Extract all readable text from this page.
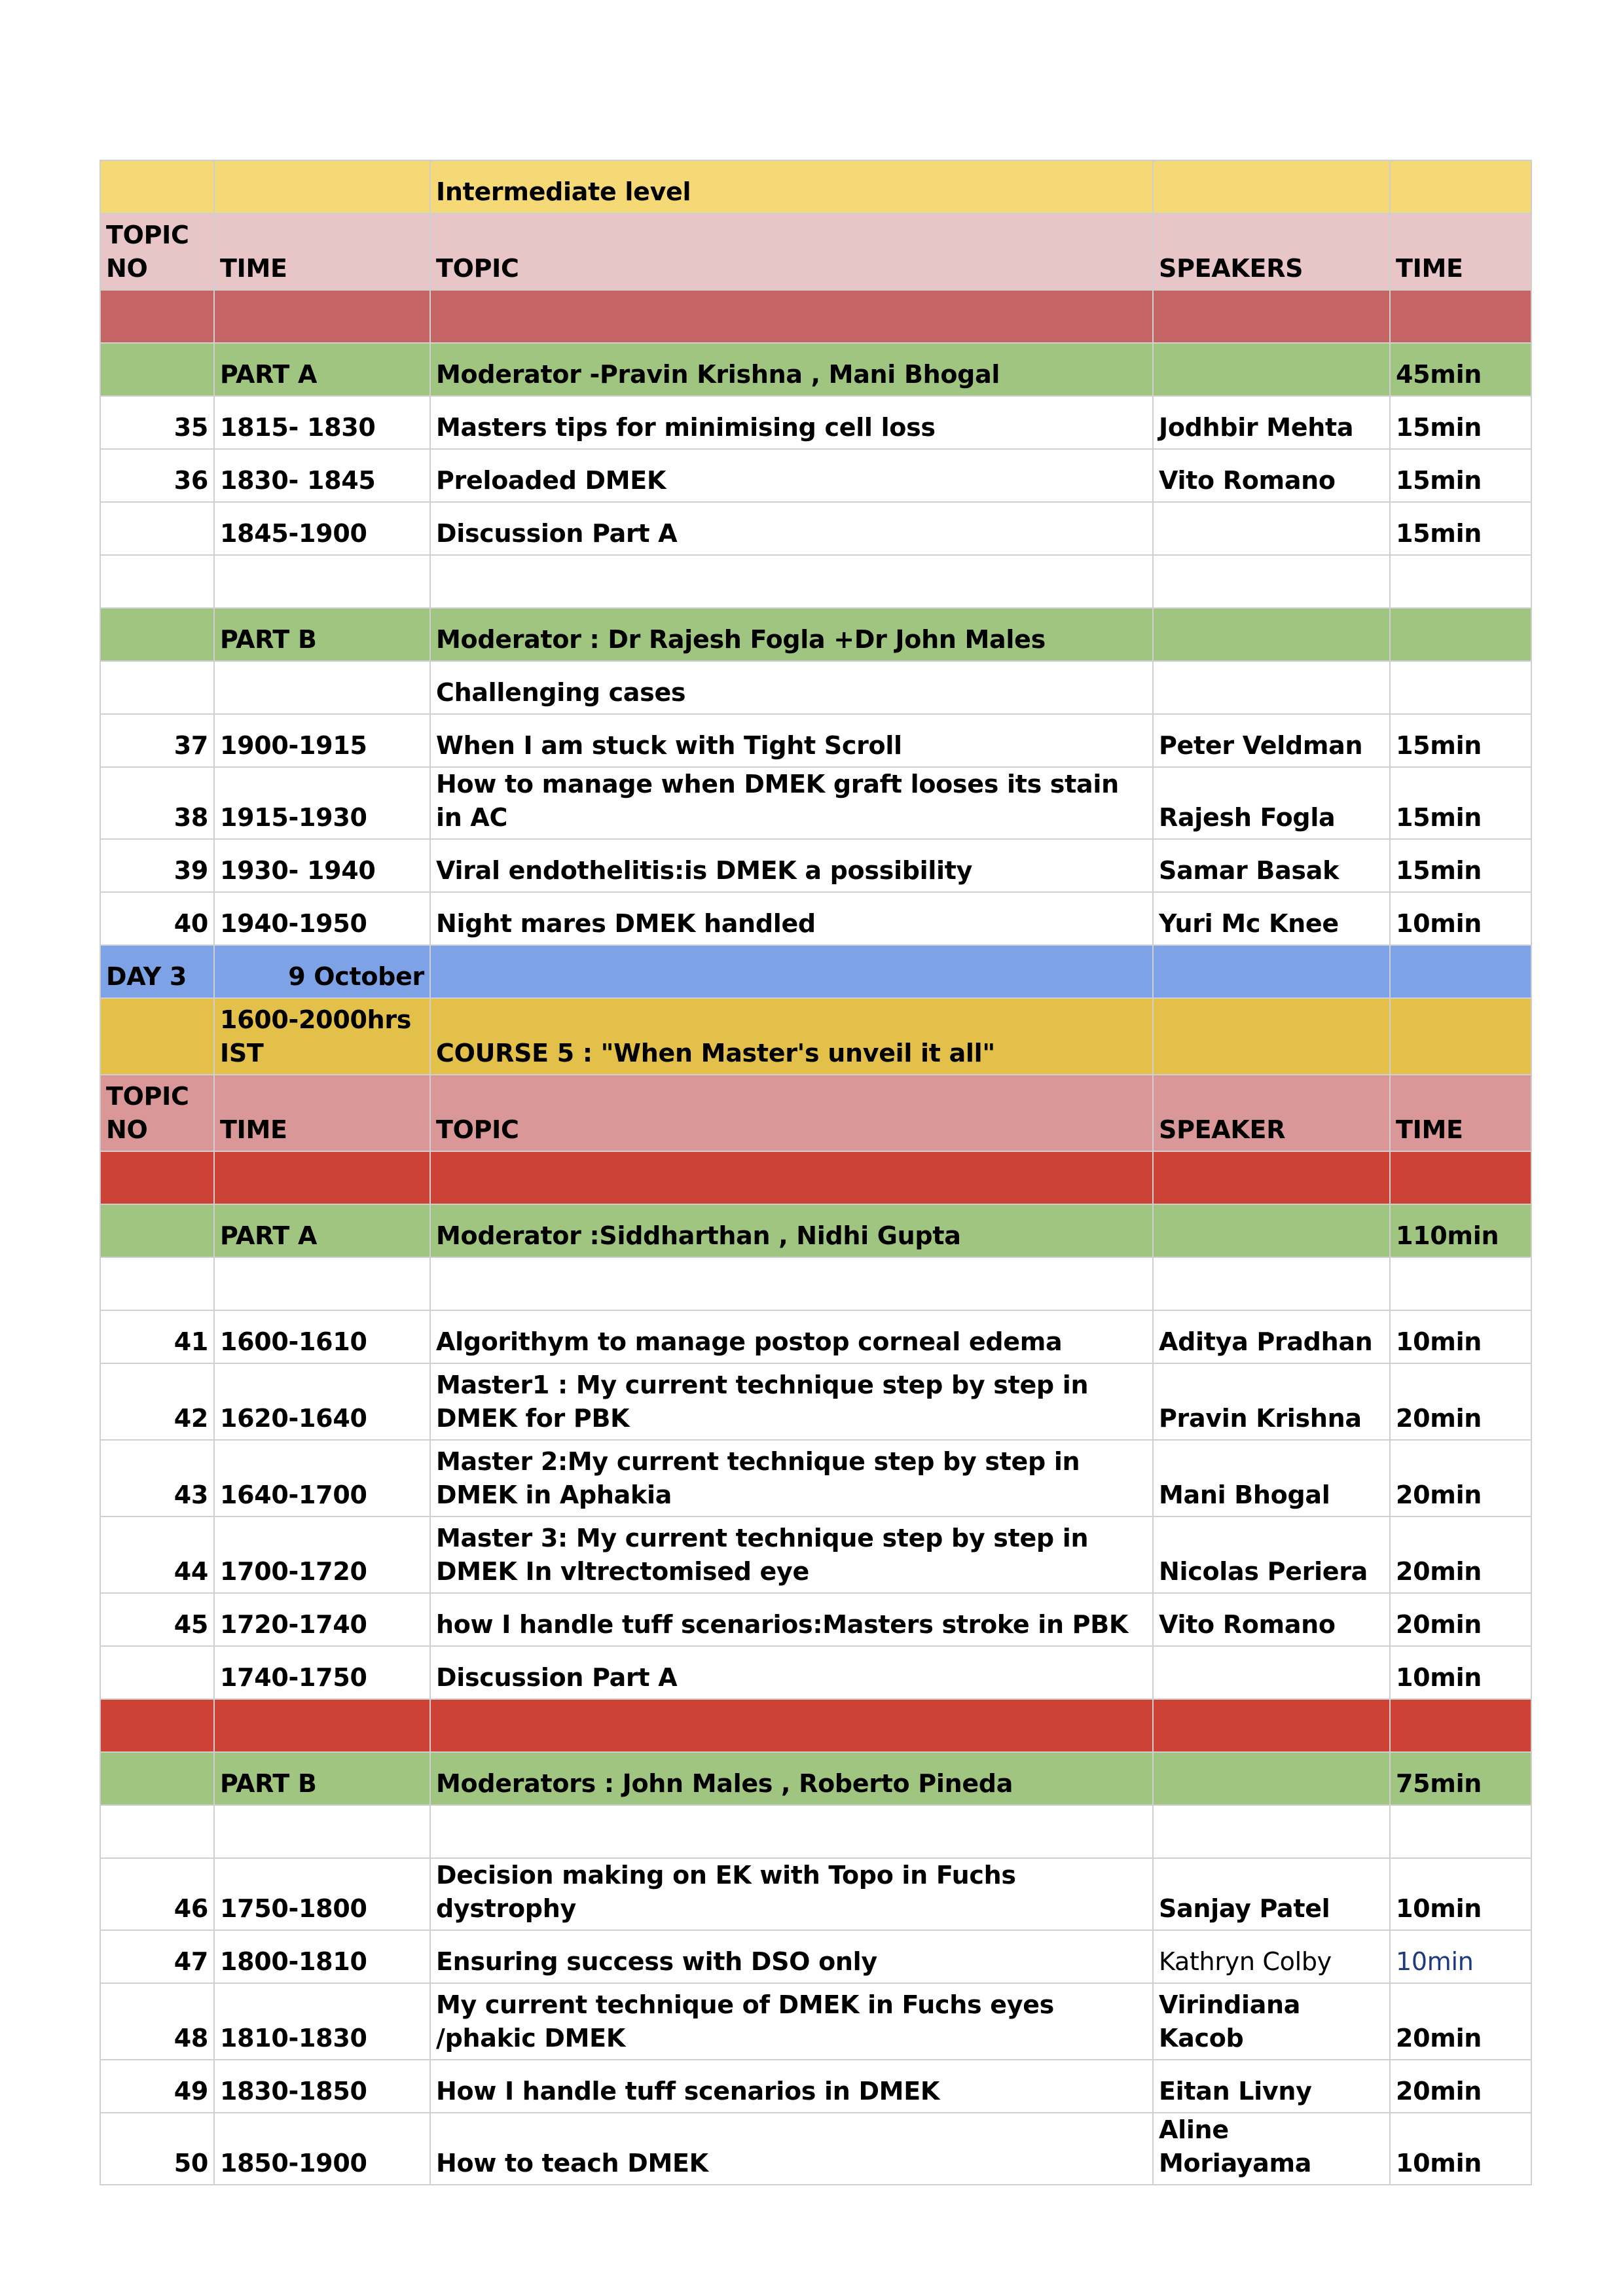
		Intermediate level		
TOPIC NO	TIME	TOPIC	SPEAKERS	TIME

	PART A	Moderator -Pravin Krishna , Mani Bhogal		45min
35	1815- 1830	Masters tips for minimising cell loss	Jodhbir Mehta	15min
36	1830- 1845	Preloaded DMEK	Vito Romano	15min
	1845-1900	Discussion Part A		15min

	PART B	Moderator : Dr Rajesh Fogla +Dr John Males		
		Challenging cases		
37	1900-1915	When I am stuck with Tight Scroll	Peter Veldman	15min
38	1915-1930	How to manage when DMEK graft looses its stain in AC	Rajesh Fogla	15min
39	1930- 1940	Viral endothelitis:is DMEK a possibility	Samar Basak	15min
40	1940-1950	Night mares DMEK handled	Yuri Mc Knee	10min
DAY 3	9 October			
	1600-2000hrs IST	COURSE 5 : "When Master's unveil it all"		
TOPIC NO	TIME	TOPIC	SPEAKER	TIME

	PART A	Moderator :Siddharthan , Nidhi Gupta		110min

41	1600-1610	Algorithym to manage postop corneal edema	Aditya Pradhan	10min
42	1620-1640	Master1 : My current technique step by step in DMEK for PBK	Pravin Krishna	20min
43	1640-1700	Master 2:My current technique step by step in DMEK in Aphakia	Mani Bhogal	20min
44	1700-1720	Master 3: My current technique step by step in DMEK In vltrectomised eye	Nicolas Periera	20min
45	1720-1740	how I handle tuff scenarios:Masters stroke in PBK	Vito Romano	20min
	1740-1750	Discussion Part A		10min

	PART B	Moderators : John Males , Roberto Pineda		75min

46	1750-1800	Decision making on EK with Topo in Fuchs dystrophy	Sanjay Patel	10min
47	1800-1810	Ensuring success with DSO only	Kathryn Colby	10min
48	1810-1830	My current technique of DMEK in Fuchs eyes /phakic DMEK	Virindiana Kacob	20min
49	1830-1850	How I handle tuff scenarios in DMEK	Eitan Livny	20min
50	1850-1900	How to teach DMEK	Aline Moriayama	10min
